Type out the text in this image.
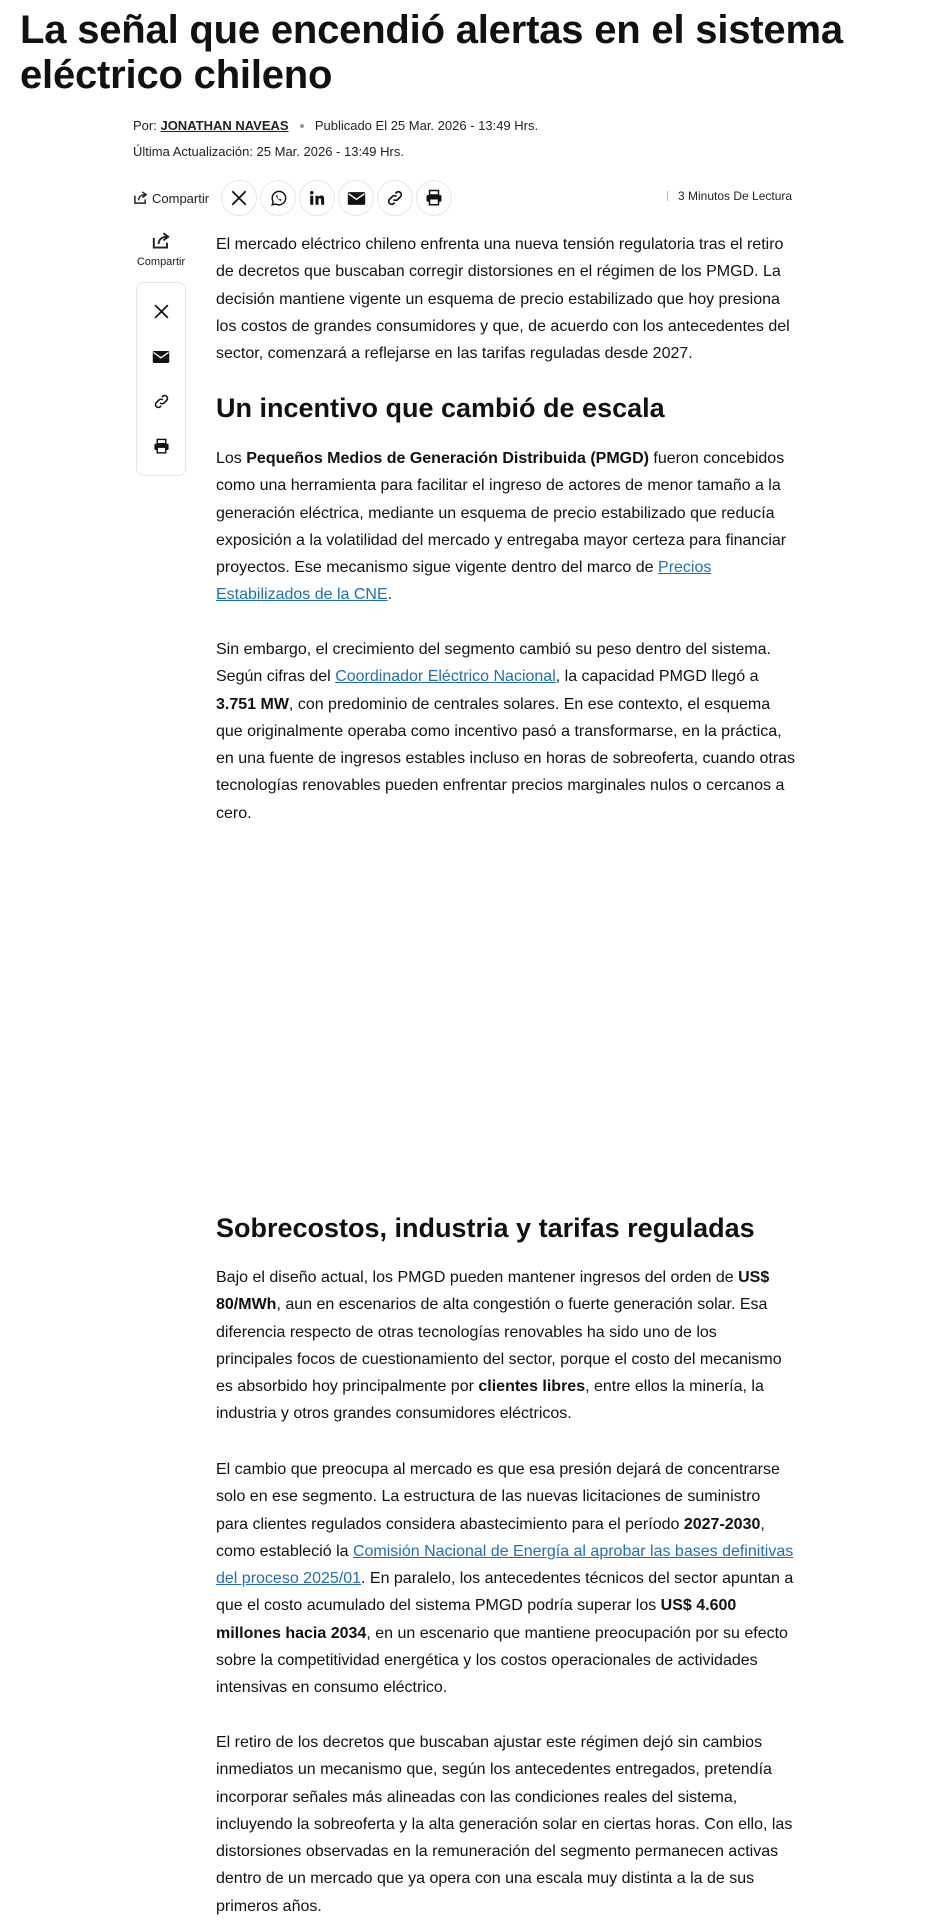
La señal que encendió alertas en el sistema eléctrico chileno
Por: JONATHAN NAVEAS Publicado El 25 Mar. 2026 - 13:49 Hrs.
Última Actualización: 25 Mar. 2026 - 13:49 Hrs.
Compartir	3 Minutos De Lectura
Compartir

El mercado eléctrico chileno enfrenta una nueva tensión regulatoria tras el retiro de decretos que buscaban corregir distorsiones en el régimen de los PMGD. La decisión mantiene vigente un esquema de precio estabilizado que hoy presiona los costos de grandes consumidores y que, de acuerdo con los antecedentes del sector, comenzará a reflejarse en las tarifas reguladas desde 2027.

Un incentivo que cambió de escala

Los Pequeños Medios de Generación Distribuida (PMGD) fueron concebidos como una herramienta para facilitar el ingreso de actores de menor tamaño a la generación eléctrica, mediante un esquema de precio estabilizado que reducía exposición a la volatilidad del mercado y entregaba mayor certeza para financiar proyectos. Ese mecanismo sigue vigente dentro del marco de Precios Estabilizados de la CNE.

Sin embargo, el crecimiento del segmento cambió su peso dentro del sistema. Según cifras del Coordinador Eléctrico Nacional, la capacidad PMGD llegó a 3.751 MW, con predominio de centrales solares. En ese contexto, el esquema que originalmente operaba como incentivo pasó a transformarse, en la práctica, en una fuente de ingresos estables incluso en horas de sobreoferta, cuando otras tecnologías renovables pueden enfrentar precios marginales nulos o cercanos a cero.

Sobrecostos, industria y tarifas reguladas

Bajo el diseño actual, los PMGD pueden mantener ingresos del orden de US$ 80/MWh, aun en escenarios de alta congestión o fuerte generación solar. Esa diferencia respecto de otras tecnologías renovables ha sido uno de los principales focos de cuestionamiento del sector, porque el costo del mecanismo es absorbido hoy principalmente por clientes libres, entre ellos la minería, la industria y otros grandes consumidores eléctricos.

El cambio que preocupa al mercado es que esa presión dejará de concentrarse solo en ese segmento. La estructura de las nuevas licitaciones de suministro para clientes regulados considera abastecimiento para el período 2027-2030, como estableció la Comisión Nacional de Energía al aprobar las bases definitivas del proceso 2025/01. En paralelo, los antecedentes técnicos del sector apuntan a que el costo acumulado del sistema PMGD podría superar los US$ 4.600 millones hacia 2034, en un escenario que mantiene preocupación por su efecto sobre la competitividad energética y los costos operacionales de actividades intensivas en consumo eléctrico.

El retiro de los decretos que buscaban ajustar este régimen dejó sin cambios inmediatos un mecanismo que, según los antecedentes entregados, pretendía incorporar señales más alineadas con las condiciones reales del sistema, incluyendo la sobreoferta y la alta generación solar en ciertas horas. Con ello, las distorsiones observadas en la remuneración del segmento permanecen activas dentro de un mercado que ya opera con una escala muy distinta a la de sus primeros años.
